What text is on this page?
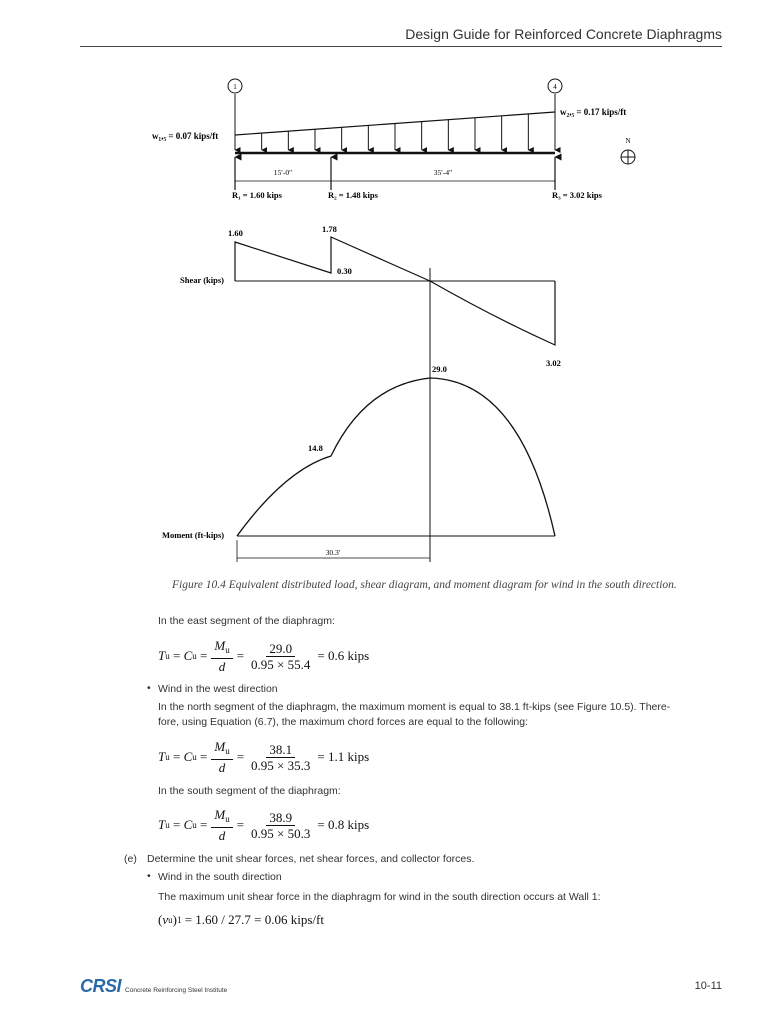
Design Guide for Reinforced Concrete Diaphragms
1	4
w₁,₅ = 0.07 kips/ft
w₂,₅ = 0.17 kips/ft
N
15′-0″	35′-4″
R₁ = 1.60 kips	R₂ = 1.48 kips	R₃ = 3.02 kips
Shear (kips)
1.60	1.78
0.30
3.02
Moment (ft-kips)
29.0
14.8
30.3′
Figure 10.4 Equivalent distributed load, shear diagram, and moment diagram for wind in the south direction.
In the east segment of the diaphragm:
T u = C $u = \frac{M_u}{d} = \frac{29.0}{0.95 \times 55.4} = 0.6$ kips
• Wind in the west direction
In the north segment of the diaphragm, the maximum moment is equal to 38.1 ft-kips (see Figure 10.5). There-
fore, using Equation (6.7), the maximum chord forces are equal to the following:
T u = C $u = \frac{M_u}{d} = \frac{38.1}{0.95 \times 35.3} = 1.1$ kips
In the south segment of the diaphragm:
T u = C $u = \frac{M_u}{d} = \frac{38.9}{0.95 \times 50.3} = 0.8$ kips
(e) Determine the unit shear forces, net shear forces, and collector forces.
• Wind in the south direction
The maximum unit shear force in the diaphragm for wind in the south direction occurs at Wall 1:
( v u ) 1
= 1.60 / 27.7 = 0.06 kips/ft
CRSI Concrete Reinforcing Steel Institute	10-11
